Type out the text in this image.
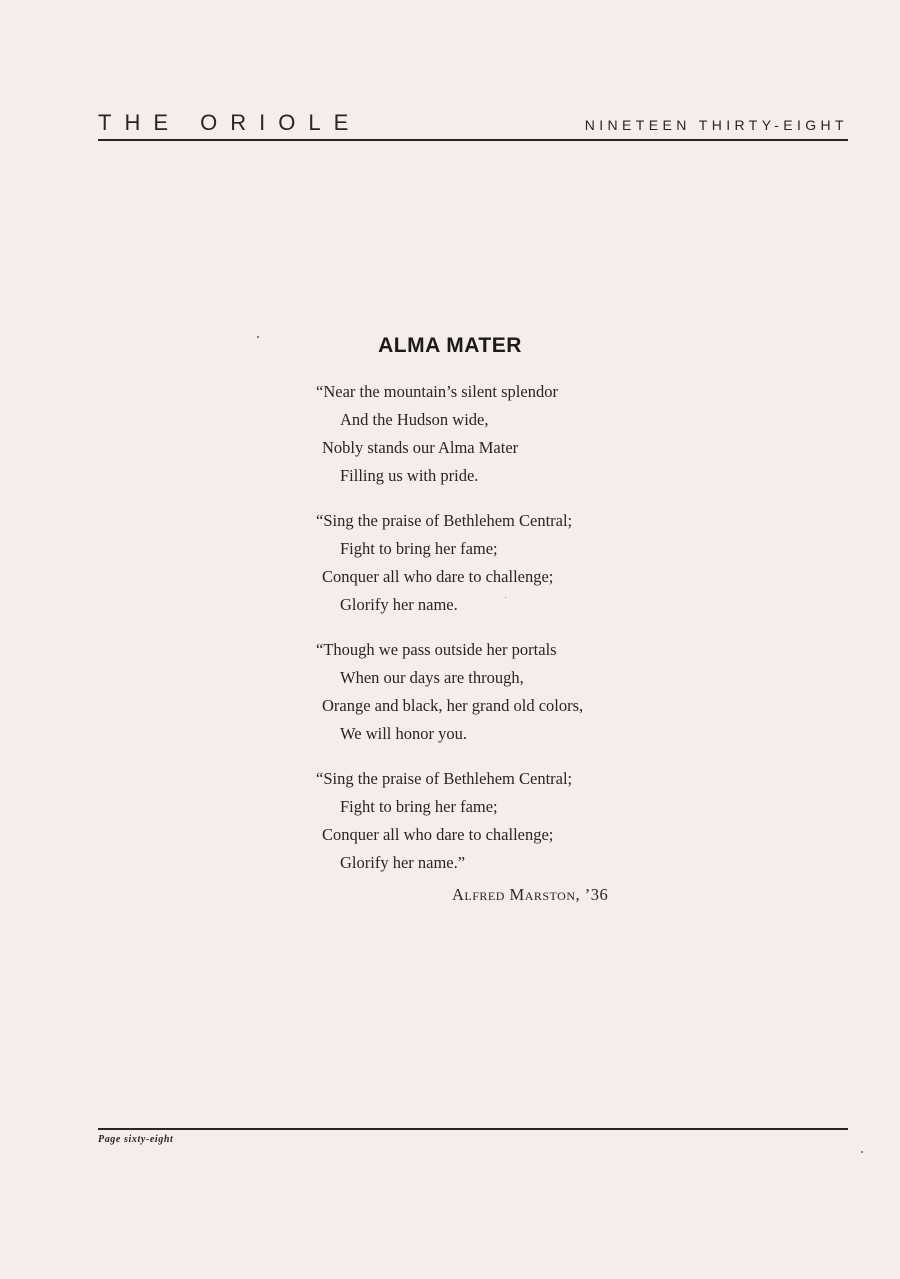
THE ORIOLE	NINETEEN THIRTY-EIGHT
ALMA MATER
“Near the mountain’s silent splendor
And the Hudson wide,
Nobly stands our Alma Mater
Filling us with pride.
“Sing the praise of Bethlehem Central;
Fight to bring her fame;
Conquer all who dare to challenge;
Glorify her name.
“Though we pass outside her portals
When our days are through,
Orange and black, her grand old colors,
We will honor you.
“Sing the praise of Bethlehem Central;
Fight to bring her fame;
Conquer all who dare to challenge;
Glorify her name.”
Alfred Marston, ’36
Page sixty-eight
